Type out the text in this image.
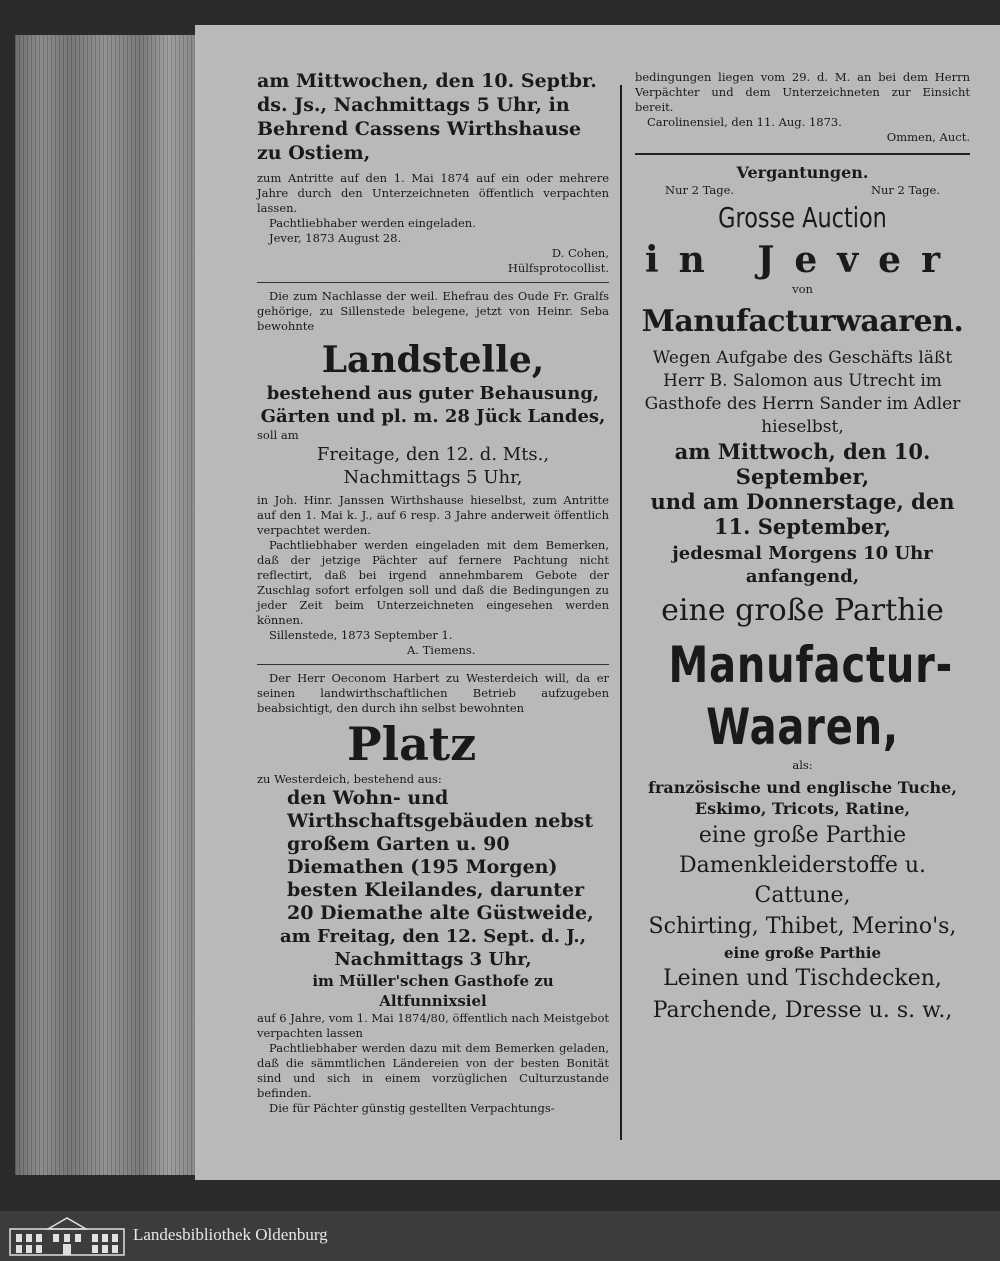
am Mittwochen, den 10. Septbr. ds. Js., Nachmittags 5 Uhr, in Behrend Cassens Wirthshause zu Ostiem,
zum Antritte auf den 1. Mai 1874 auf ein oder mehrere Jahre durch den Unterzeichneten öffentlich verpachten lassen.
Pachtliebhaber werden eingeladen.
Jever, 1873 August 28.
D. Cohen,
Hülfsprotocollist.
Die zum Nachlasse der weil. Ehefrau des Oude Fr. Gralfs gehörige, zu Sillenstede belegene, jetzt von Heinr. Seba bewohnte
Landstelle,
bestehend aus guter Behausung, Gärten und pl. m. 28 Jück Landes,
soll am
Freitage, den 12. d. Mts., Nachmittags 5 Uhr,
in Joh. Hinr. Janssen Wirthshause hieselbst, zum Antritte auf den 1. Mai k. J., auf 6 resp. 3 Jahre anderweit öffentlich verpachtet werden.
Pachtliebhaber werden eingeladen mit dem Bemerken, daß der jetzige Pächter auf fernere Pachtung nicht reflectirt, daß bei irgend annehmbarem Gebote der Zuschlag sofort erfolgen soll und daß die Bedingungen zu jeder Zeit beim Unterzeichneten eingesehen werden können.
Sillenstede, 1873 September 1.
A. Tiemens.
Der Herr Oeconom Harbert zu Westerdeich will, da er seinen landwirthschaftlichen Betrieb aufzugeben beabsichtigt, den durch ihn selbst bewohnten
Platz
zu Westerdeich, bestehend aus:
den Wohn- und Wirthschaftsgebäuden nebst großem Garten u. 90 Diemathen (195 Morgen) besten Kleilandes, darunter 20 Diemathe alte Güstweide,
am Freitag, den 12. Sept. d. J., Nachmittags 3 Uhr,
im Müller'schen Gasthofe zu Altfunnixsiel
auf 6 Jahre, vom 1. Mai 1874/80, öffentlich nach Meistgebot verpachten lassen
Pachtliebhaber werden dazu mit dem Bemerken geladen, daß die sämmtlichen Ländereien von der besten Bonität sind und sich in einem vorzüglichen Culturzustande befinden.
Die für Pächter günstig gestellten Verpachtungs-
bedingungen liegen vom 29. d. M. an bei dem Herrn Verpächter und dem Unterzeichneten zur Einsicht bereit.
Carolinensiel, den 11. Aug. 1873.
Ommen, Auct.
Vergantungen.
Nur 2 Tage.	Nur 2 Tage.
Grosse Auction
in Jever
von
Manufacturwaaren.
Wegen Aufgabe des Geschäfts läßt Herr B. Salomon aus Utrecht im Gasthofe des Herrn Sander im Adler hieselbst,
am Mittwoch, den 10. September,
und am Donnerstage, den 11. September,
jedesmal Morgens 10 Uhr anfangend,
eine große Parthie
Manufactur-
Waaren,
als:
französische und englische Tuche, Eskimo, Tricots, Ratine,
eine große Parthie Damenkleiderstoffe u. Cattune,
Schirting, Thibet, Merino's,
eine große Parthie
Leinen und Tischdecken,
Parchende, Dresse u. s. w.,
Landesbibliothek Oldenburg
